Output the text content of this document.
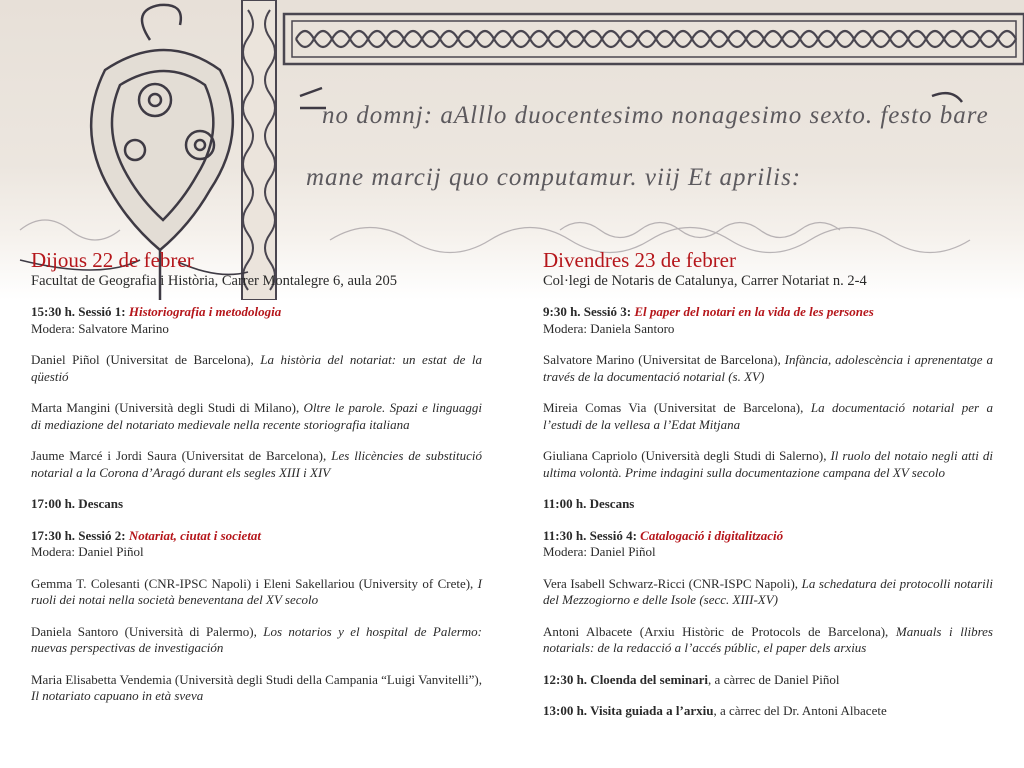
no domnj: aAlllo duocentesimo nonagesimo sexto. festo bare
mane marcij quo computamur. viij Et aprilis:
Dijous 22 de febrer

Facultat de Geografia i Història, Carrer Montalegre 6, aula 205

15:30 h. Sessió 1: Historiografia i metodologia
Modera: Salvatore Marino

Daniel Piñol (Universitat de Barcelona), La història del notariat: un estat de la qüestió

Marta Mangini (Università degli Studi di Milano), Oltre le parole. Spazi e linguaggi di mediazione del notariato medievale nella recente storiografia italiana

Jaume Marcé i Jordi Saura (Universitat de Barcelona), Les llicències de substitució notarial a la Corona d’Aragó durant els segles XIII i XIV

17:00 h. Descans

17:30 h. Sessió 2: Notariat, ciutat i societat
Modera: Daniel Piñol

Gemma T. Colesanti (CNR-IPSC Napoli) i Eleni Sakellariou (University of Crete), I ruoli dei notai nella società beneventana del XV secolo

Daniela Santoro (Università di Palermo), Los notarios y el hospital de Palermo: nuevas perspectivas de investigación

Maria Elisabetta Vendemia (Università degli Studi della Campania “Luigi Vanvitelli”), Il notariato capuano in età sveva

Divendres 23 de febrer

Col·legi de Notaris de Catalunya, Carrer Notariat n. 2-4

9:30 h. Sessió 3: El paper del notari en la vida de les persones
Modera: Daniela Santoro

Salvatore Marino (Universitat de Barcelona), Infància, adolescència i aprenentatge a través de la documentació notarial (s. XV)

Mireia Comas Via (Universitat de Barcelona), La documentació notarial per a l’estudi de la vellesa a l’Edat Mitjana

Giuliana Capriolo (Università degli Studi di Salerno), Il ruolo del notaio negli atti di ultima volontà. Prime indagini sulla documentazione campana del XV secolo

11:00 h. Descans

11:30 h. Sessió 4: Catalogació i digitalització
Modera: Daniel Piñol

Vera Isabell Schwarz-Ricci (CNR-ISPC Napoli), La schedatura dei protocolli notarili del Mezzogiorno e delle Isole (secc. XIII-XV)

Antoni Albacete (Arxiu Històric de Protocols de Barcelona), Manuals i llibres notarials: de la redacció a l’accés públic, el paper dels arxius

12:30 h. Cloenda del seminari, a càrrec de Daniel Piñol

13:00 h. Visita guiada a l’arxiu, a càrrec del Dr. Antoni Albacete
